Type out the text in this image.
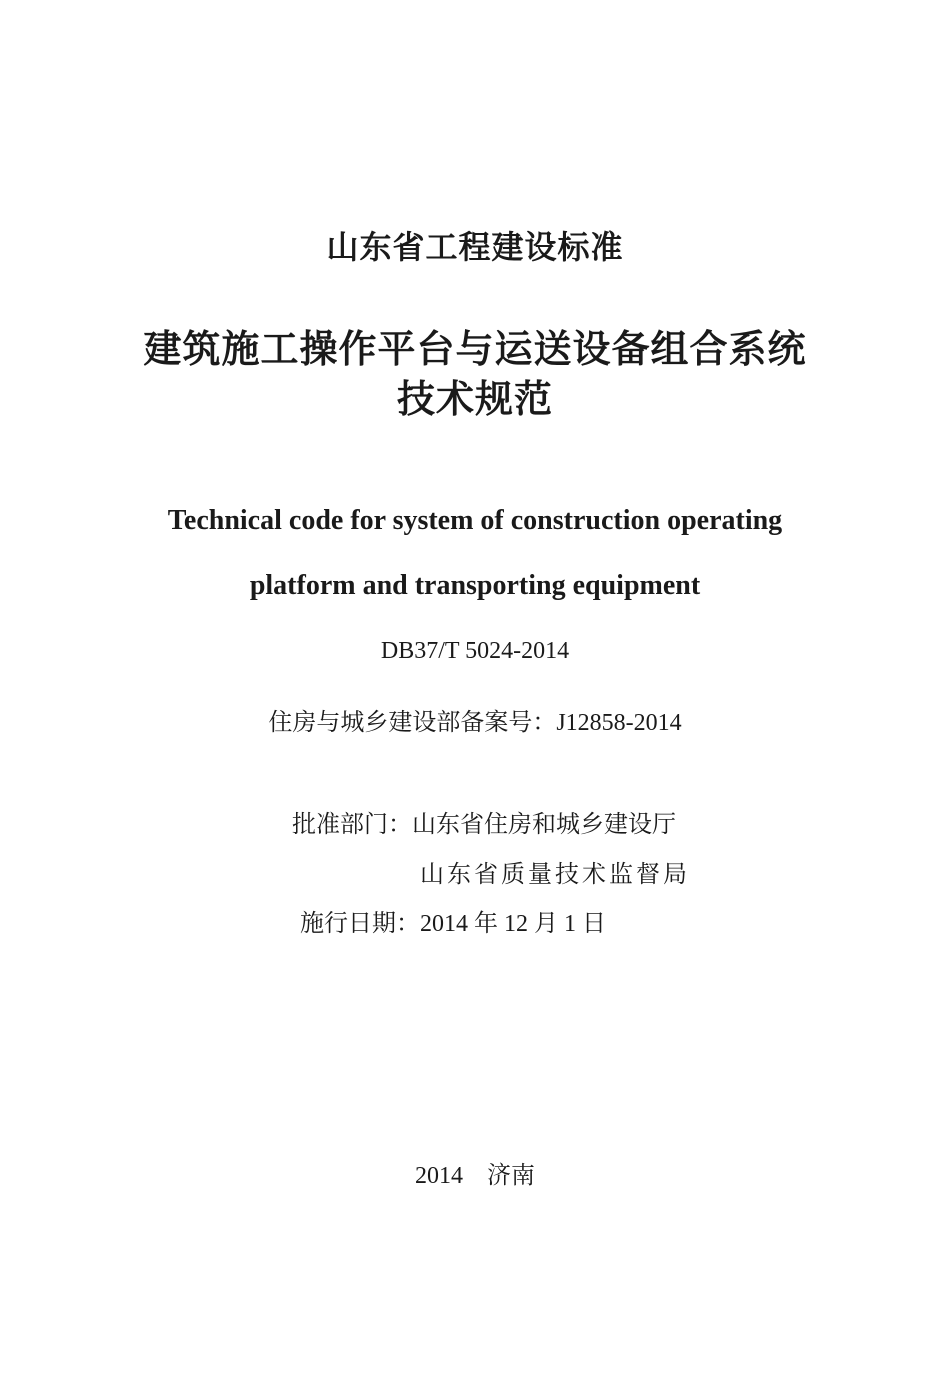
山东省工程建设标准
建筑施工操作平台与运送设备组合系统
技术规范
Technical code for system of construction operating
platform and transporting equipment
DB37/T 5024-2014
住房与城乡建设部备案号：J12858-2014
批准部门：山东省住房和城乡建设厅
山东省质量技术监督局
施行日期：2014 年 12 月 1 日
2014 济南
